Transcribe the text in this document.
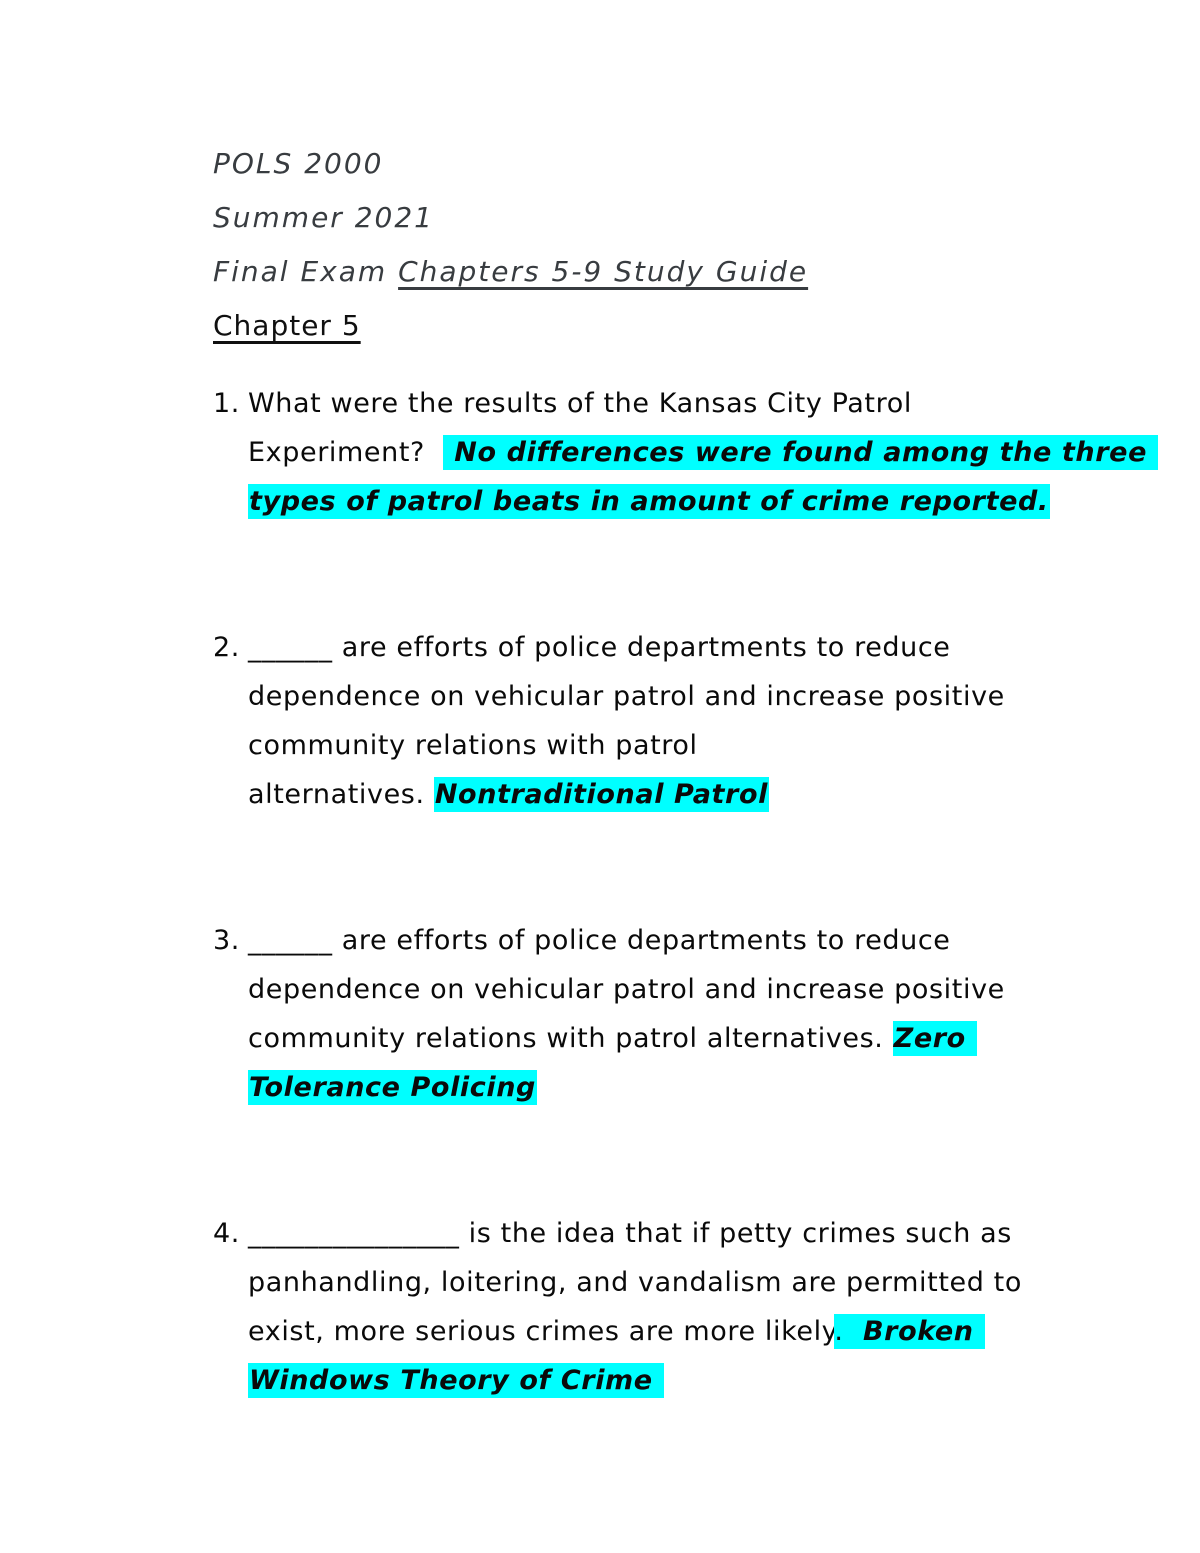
POLS 2000

Summer 2021

Final Exam Chapters 5-9 Study Guide

Chapter 5

1. What were the results of the Kansas City Patrol
Experiment?   No differences were found among the three
types of patrol beats in amount of crime reported.
2. ______ are efforts of police departments to reduce
dependence on vehicular patrol and increase positive
community relations with patrol
alternatives. Nontraditional Patrol
3. ______ are efforts of police departments to reduce
dependence on vehicular patrol and increase positive
community relations with patrol alternatives. Zero
Tolerance Policing
4. _______________ is the idea that if petty crimes such as
panhandling, loitering, and vandalism are permitted to
exist, more serious crimes are more likely.  Broken
Windows Theory of Crime
